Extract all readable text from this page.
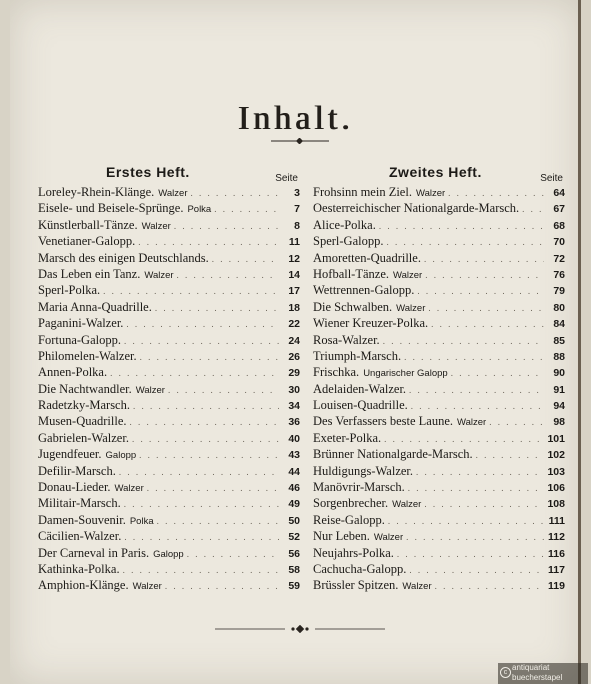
Inhalt.
Erstes Heft.	Seite
Loreley-Rhein-Klänge. Walzer . . .	3
Eisele- und Beisele-Sprünge. Polka . . .	7
Künstlerball-Tänze. Walzer . . .	8
Venetianer-Galopp. . . .	11
Marsch des einigen Deutschlands. . . .	12
Das Leben ein Tanz. Walzer . . .	14
Sperl-Polka. . . .	17
Maria Anna-Quadrille. . . .	18
Paganini-Walzer. . . .	22
Fortuna-Galopp. . . .	24
Philomelen-Walzer. . . .	26
Annen-Polka. . . .	29
Die Nachtwandler. Walzer . . .	30
Radetzky-Marsch. . . .	34
Musen-Quadrille. . . .	36
Gabrielen-Walzer. . . .	40
Jugendfeuer. Galopp . . .	43
Defilir-Marsch. . . .	44
Donau-Lieder. Walzer . . .	46
Militair-Marsch. . . .	49
Damen-Souvenir. Polka . . .	50
Cäcilien-Walzer. . . .	52
Der Carneval in Paris. Galopp . . .	56
Kathinka-Polka. . . .	58
Amphion-Klänge. Walzer . . .	59
Zweites Heft.	Seite
Frohsinn mein Ziel. Walzer . . .	64
Oesterreichischer Nationalgarde-Marsch. . . .	67
Alice-Polka. . . .	68
Sperl-Galopp. . . .	70
Amoretten-Quadrille. . . .	72
Hofball-Tänze. Walzer . . .	76
Wettrennen-Galopp. . . .	79
Die Schwalben. Walzer . . .	80
Wiener Kreuzer-Polka. . . .	84
Rosa-Walzer. . . .	85
Triumph-Marsch. . . .	88
Frischka. Ungarischer Galopp . . .	90
Adelaiden-Walzer. . . .	91
Louisen-Quadrille. . . .	94
Des Verfassers beste Laune. Walzer . . .	98
Exeter-Polka. . . .	101
Brünner Nationalgarde-Marsch. . . .	102
Huldigungs-Walzer. . . .	103
Manövrir-Marsch. . . .	106
Sorgenbrecher. Walzer . . .	108
Reise-Galopp. . . .	111
Nur Leben. Walzer . . .	112
Neujahrs-Polka. . . .	116
Cachucha-Galopp. . . .	117
Brüssler Spitzen. Walzer . . .	119
c
antiquariat
buecherstapel
